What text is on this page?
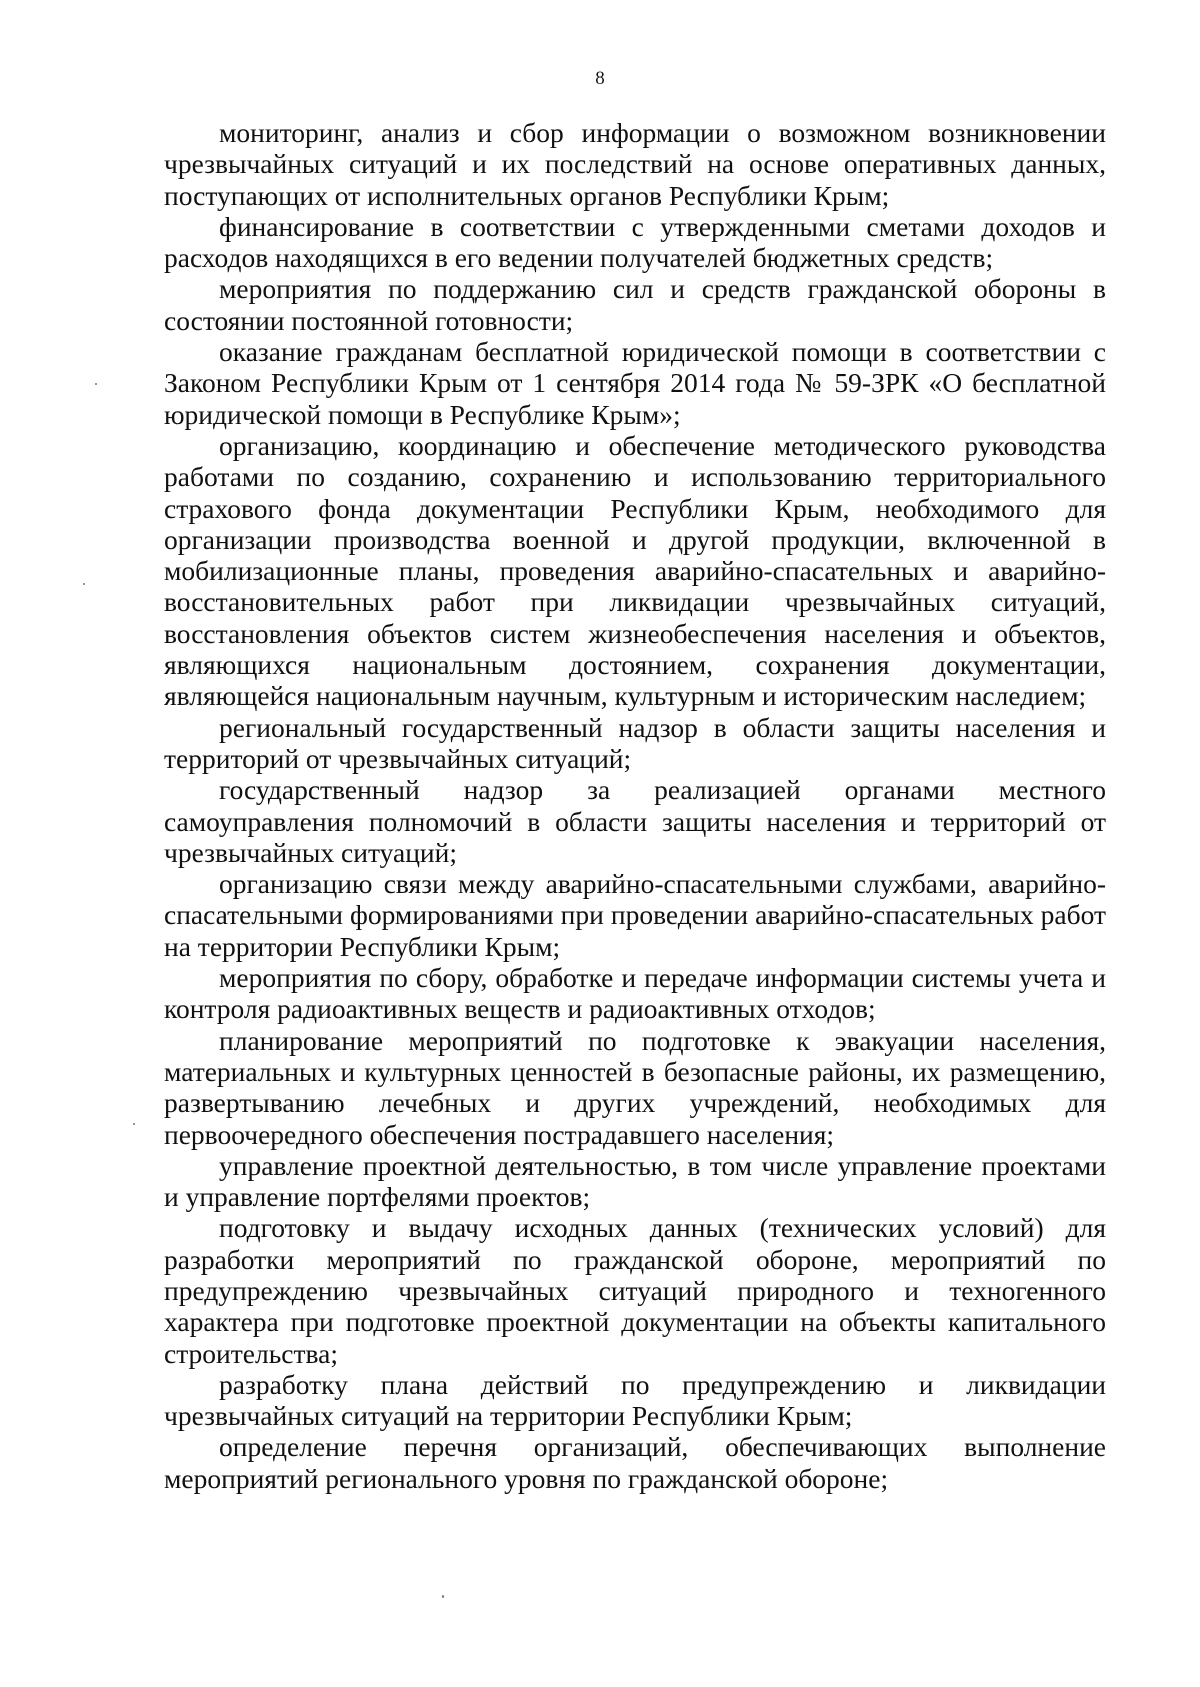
8

мониторинг, анализ и сбор информации о возможном возникновении чрезвычайных ситуаций и их последствий на основе оперативных данных, поступающих от исполнительных органов Республики Крым;

финансирование в соответствии с утвержденными сметами доходов и расходов находящихся в его ведении получателей бюджетных средств;

мероприятия по поддержанию сил и средств гражданской обороны в состоянии постоянной готовности;

оказание гражданам бесплатной юридической помощи в соответствии с Законом Республики Крым от 1 сентября 2014 года № 59-ЗРК «О бесплатной юридической помощи в Республике Крым»;

организацию, координацию и обеспечение методического руководства работами по созданию, сохранению и использованию территориального страхового фонда документации Республики Крым, необходимого для организации производства военной и другой продукции, включенной в мобилизационные планы, проведения аварийно-спасательных и аварийно-восстановительных работ при ликвидации чрезвычайных ситуаций, восстановления объектов систем жизнеобеспечения населения и объектов, являющихся национальным достоянием, сохранения документации, являющейся национальным научным, культурным и историческим наследием;

региональный государственный надзор в области защиты населения и территорий от чрезвычайных ситуаций;

государственный надзор за реализацией органами местного самоуправления полномочий в области защиты населения и территорий от чрезвычайных ситуаций;

организацию связи между аварийно-спасательными службами, аварийно-спасательными формированиями при проведении аварийно-спасательных работ на территории Республики Крым;

мероприятия по сбору, обработке и передаче информации системы учета и контроля радиоактивных веществ и радиоактивных отходов;

планирование мероприятий по подготовке к эвакуации населения, материальных и культурных ценностей в безопасные районы, их размещению, развертыванию лечебных и других учреждений, необходимых для первоочередного обеспечения пострадавшего населения;

управление проектной деятельностью, в том числе управление проектами и управление портфелями проектов;

подготовку и выдачу исходных данных (технических условий) для разработки мероприятий по гражданской обороне, мероприятий по предупреждению чрезвычайных ситуаций природного и техногенного характера при подготовке проектной документации на объекты капитального строительства;

разработку плана действий по предупреждению и ликвидации чрезвычайных ситуаций на территории Республики Крым;

определение перечня организаций, обеспечивающих выполнение мероприятий регионального уровня по гражданской обороне;
